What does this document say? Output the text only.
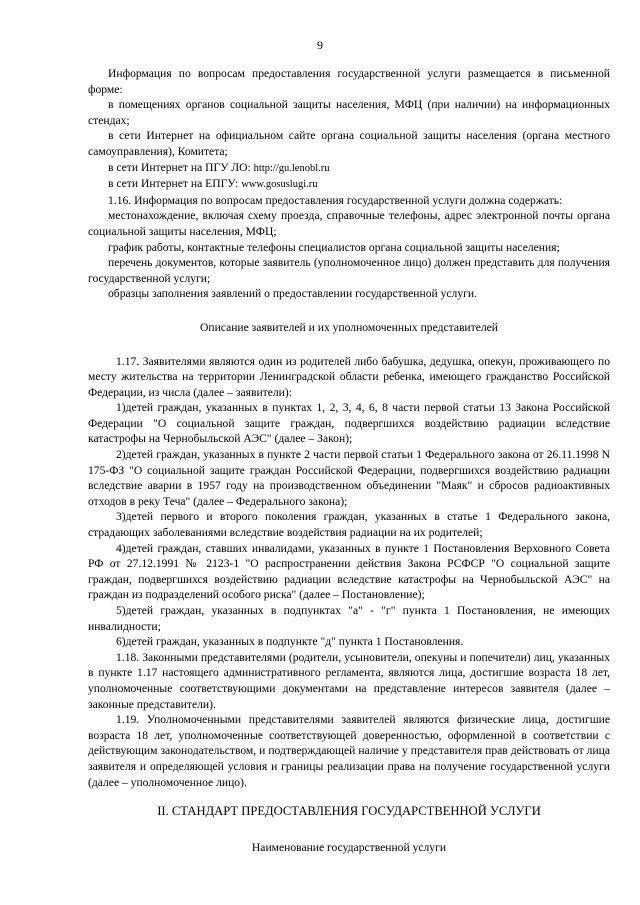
9

Информация по вопросам предоставления государственной услуги размещается в письменной форме:

в помещениях органов социальной защиты населения, МФЦ (при наличии) на информационных стендах;

в сети Интернет на официальном сайте органа социальной защиты населения (органа местного самоуправления), Комитета;

в сети Интернет на ПГУ ЛО: http://gu.lenobl.ru

в сети Интернет на ЕПГУ: www.gosuslugi.ru

1.16. Информация по вопросам предоставления государственной услуги должна содержать:

местонахождение, включая схему проезда, справочные телефоны, адрес электронной почты органа социальной защиты населения, МФЦ;

график работы, контактные телефоны специалистов органа социальной защиты населения;

перечень документов, которые заявитель (уполномоченное лицо) должен представить для получения государственной услуги;

образцы заполнения заявлений о предоставлении государственной услуги.

Описание заявителей и их уполномоченных представителей

1.17. Заявителями являются один из родителей либо бабушка, дедушка, опекун, проживающего по месту жительства на территории Ленинградской области ребенка, имеющего гражданство Российской Федерации, из числа (далее – заявители):

1)детей граждан, указанных в пунктах 1, 2, 3, 4, 6, 8 части первой статьи 13 Закона Российской Федерации "О социальной защите граждан, подвергшихся воздействию радиации вследствие катастрофы на Чернобыльской АЭС" (далее – Закон);

2)детей граждан, указанных в пункте 2 части первой статьи 1 Федерального закона от 26.11.1998 N 175-ФЗ "О социальной защите граждан Российской Федерации, подвергшихся воздействию радиации вследствие аварии в 1957 году на производственном объединении "Маяк" и сбросов радиоактивных отходов в реку Теча" (далее – Федерального закона);

3)детей первого и второго поколения граждан, указанных в статье 1 Федерального закона, страдающих заболеваниями вследствие воздействия радиации на их родителей;

4)детей граждан, ставших инвалидами, указанных в пункте 1 Постановления Верховного Совета РФ от 27.12.1991 № 2123-1 "О распространении действия Закона РСФСР "О социальной защите граждан, подвергшихся воздействию радиации вследствие катастрофы на Чернобыльской АЭС" на граждан из подразделений особого риска" (далее – Постановление);

5)детей граждан, указанных в подпунктах "а" - "г" пункта 1 Постановления, не имеющих инвалидности;

6)детей граждан, указанных в подпункте "д" пункта 1 Постановления.

1.18. Законными представителями (родители, усыновители, опекуны и попечители) лиц, указанных в пункте 1.17 настоящего административного регламента, являются лица, достигшие возраста 18 лет, уполномоченные соответствующими документами на представление интересов заявителя (далее – законные представители).

1.19. Уполномоченными представителями заявителей являются физические лица, достигшие возраста 18 лет, уполномоченные соответствующей доверенностью, оформленной в соответствии с действующим законодательством, и подтверждающей наличие у представителя прав действовать от лица заявителя и определяющей условия и границы реализации права на получение государственной услуги (далее – уполномоченное лицо).

II. СТАНДАРТ ПРЕДОСТАВЛЕНИЯ ГОСУДАРСТВЕННОЙ УСЛУГИ

Наименование государственной услуги
